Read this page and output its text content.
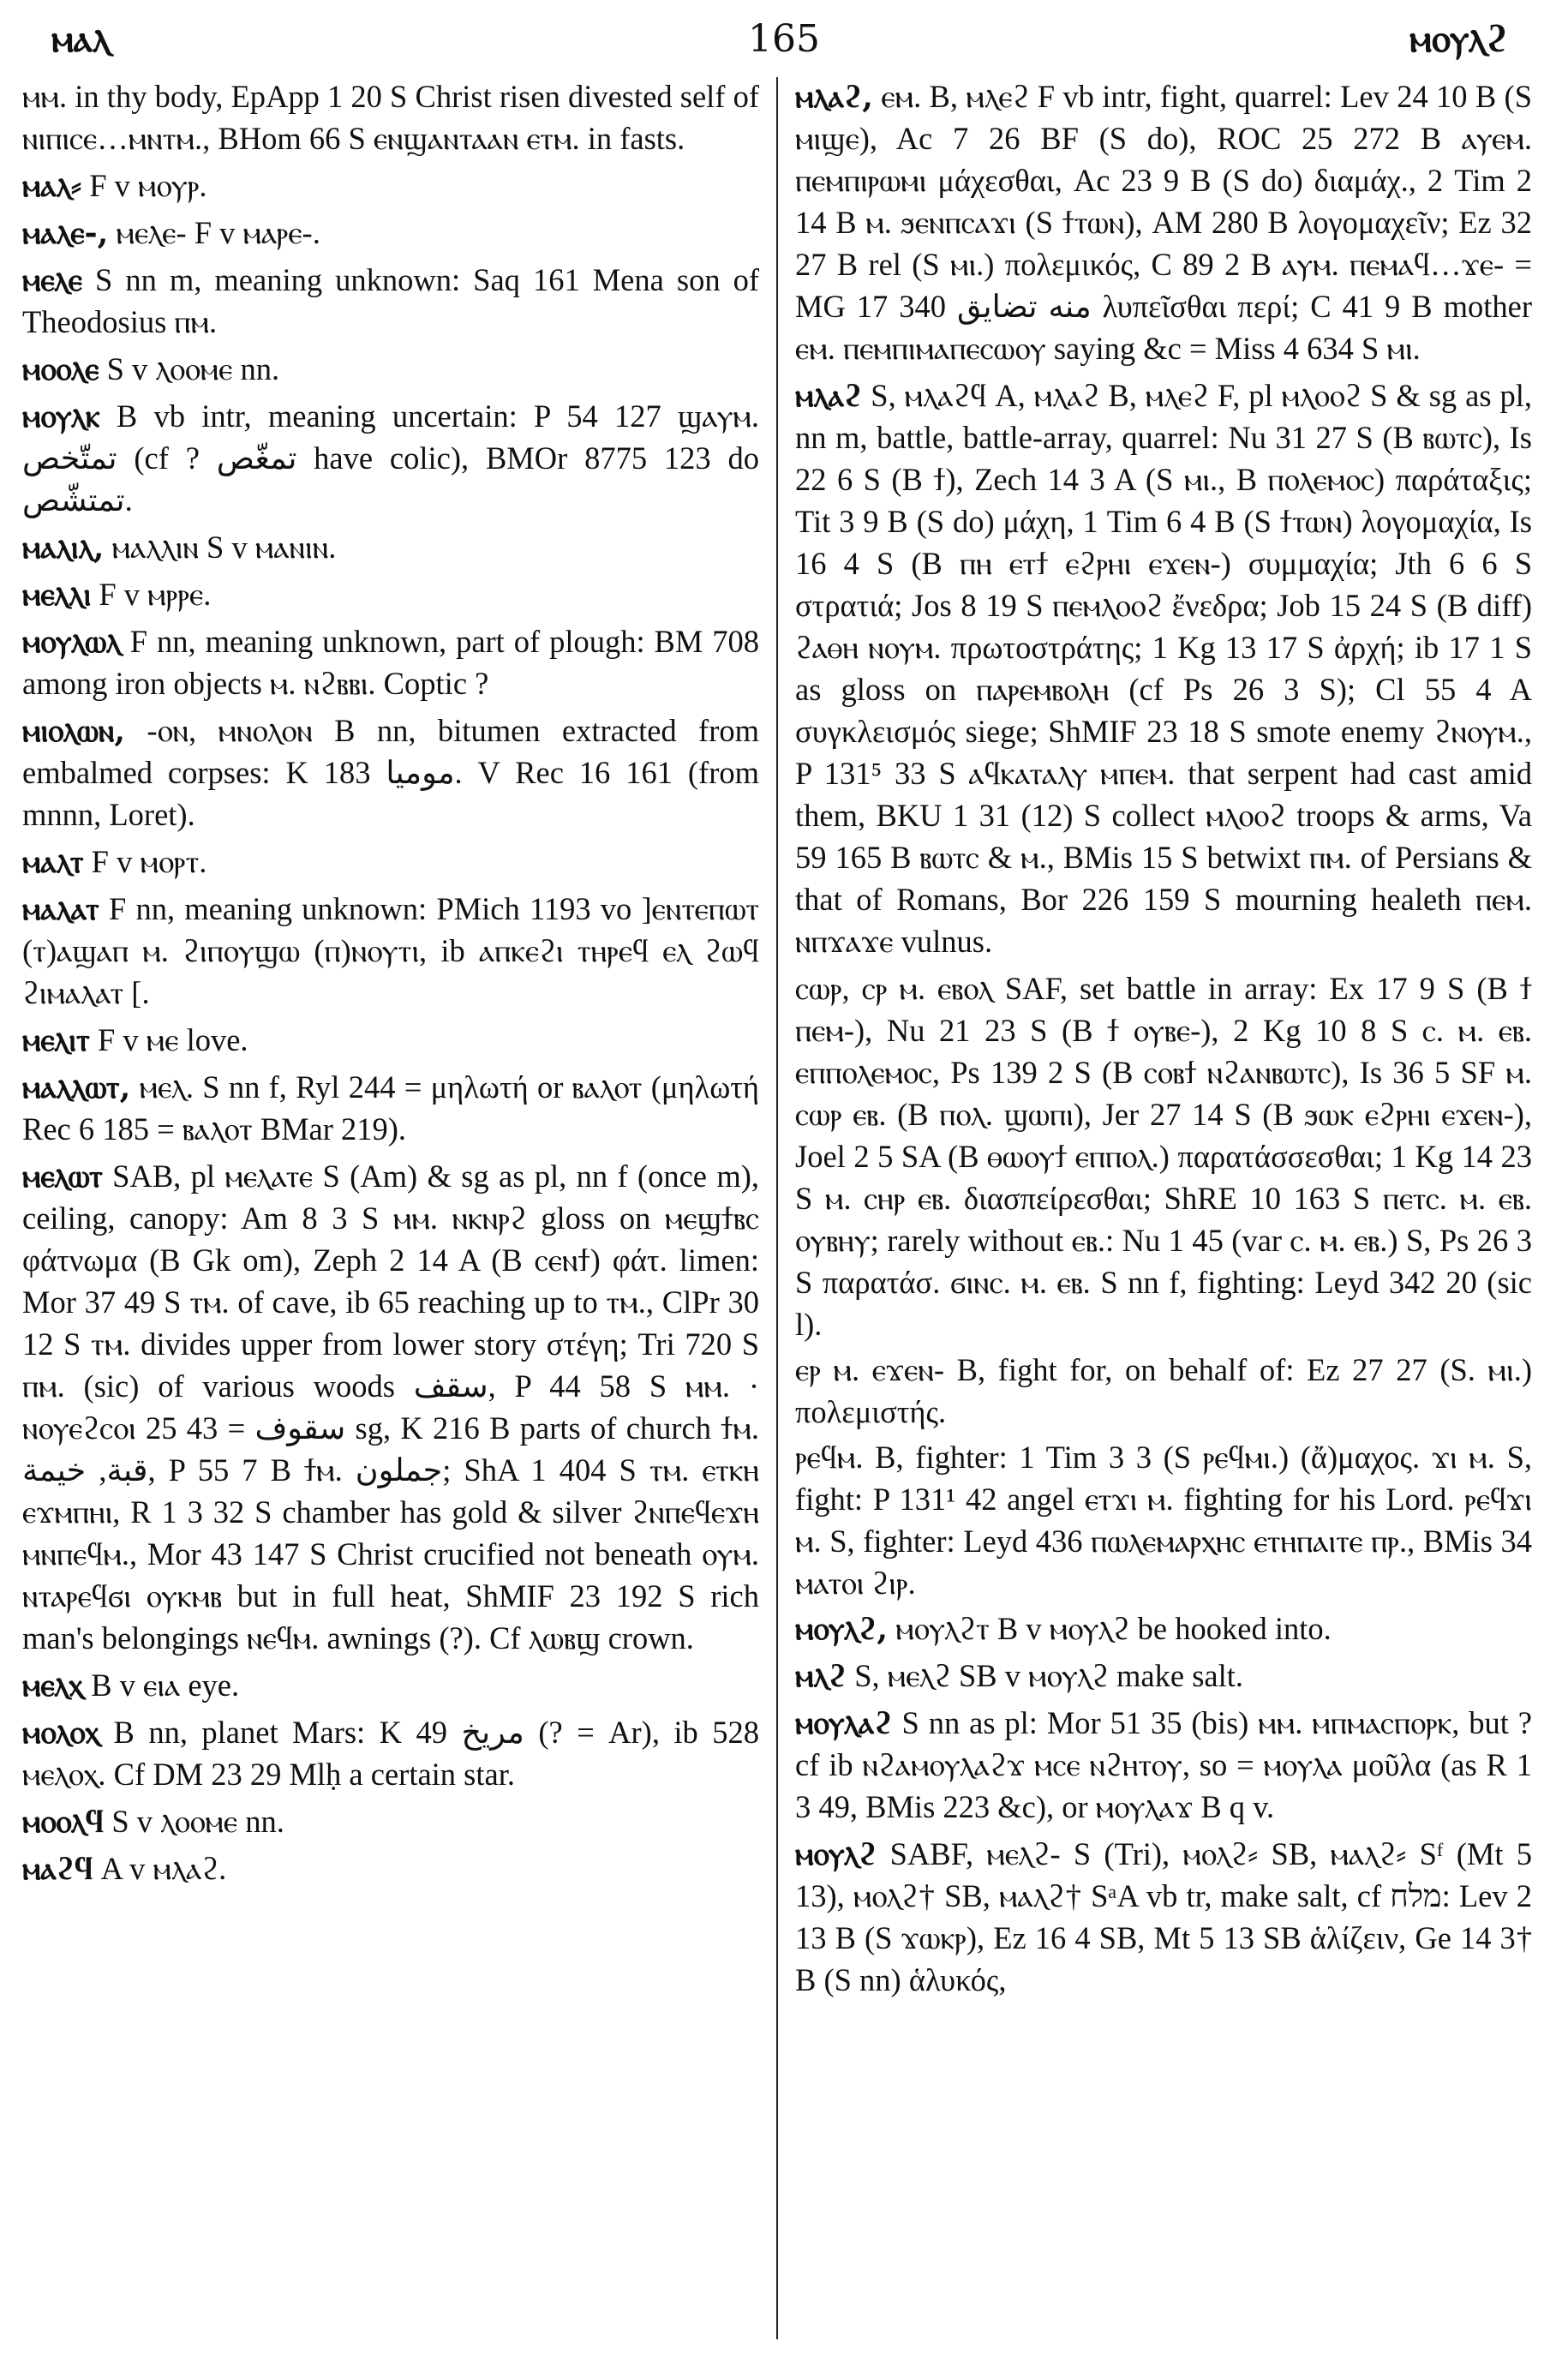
ⲙⲁⲗ	165	ⲙⲟⲩⲗϩ

ⲙⲙ. in thy body, EpApp 1 20 S Christ risen divested self of ⲛⲓⲡⲓⲥⲉ…ⲙⲛⲧⲙ., BHom 66 S ⲉⲛϣⲁⲛⲧⲁⲁⲛ ⲉⲧⲙ. in fasts.

ⲙⲁⲗ⸗ F v ⲙⲟⲩⲣ.

ⲙⲁⲗⲉ-, ⲙⲉⲗⲉ- F v ⲙⲁⲣⲉ-.

ⲙⲉⲗⲉ S nn m, meaning unknown: Saq 161 Mena son of Theodosius ⲡⲙ.

ⲙⲟⲟⲗⲉ S v ⲗⲟⲟⲙⲉ nn.

ⲙⲟⲩⲗⲕ B vb intr, meaning uncertain: P 54 127 ϣⲁⲩⲙ. تمتّخص (cf ? تمغّص have colic), BMOr 8775 123 do تمتشّص.

ⲙⲁⲗⲓⲗ, ⲙⲁⲗⲗⲓⲛ S v ⲙⲁⲛⲓⲛ.

ⲙⲉⲗⲗⲓ F v ⲙⲣⲣⲉ.

ⲙⲟⲩⲗⲱⲗ F nn, meaning unknown, part of plough: BM 708 among iron objects ⲙ. ⲛϩⲃⲃⲓ. Coptic ?

ⲙⲓⲟⲗⲱⲛ, -ⲟⲛ, ⲙⲛⲟⲗⲟⲛ B nn, bitumen extracted from embalmed corpses: K 183 موميا. V Rec 16 161 (from mnnn, Loret).

ⲙⲁⲗⲧ F v ⲙⲟⲣⲧ.

ⲙⲁⲗⲁⲧ F nn, meaning unknown: PMich 1193 vo ]ⲉⲛⲧⲉⲡⲱⲧ (ⲧ)ⲁϣⲁⲡ ⲙ. ϩⲓⲡⲟⲩϣⲱ (ⲡ)ⲛⲟⲩⲧⲓ, ib ⲁⲡⲕⲉϩⲓ ⲧⲏⲣⲉϥ ⲉⲗ ϩⲱϥ ϩⲓⲙⲁⲗⲁⲧ [.

ⲙⲉⲗⲓⲧ F v ⲙⲉ love.

ⲙⲁⲗⲗⲱⲧ, ⲙⲉⲗ. S nn f, Ryl 244 = μηλωτή or ⲃⲁⲗⲟⲧ (μηλωτή Rec 6 185 = ⲃⲁⲗⲟⲧ BMar 219).

ⲙⲉⲗⲱⲧ SAB, pl ⲙⲉⲗⲁⲧⲉ S (Am) & sg as pl, nn f (once m), ceiling, canopy: Am 8 3 S ⲙⲙ. ⲛⲕⲛⲣϩ gloss on ⲙⲉϣϯⲃⲥ φάτνωμα (B Gk om), Zeph 2 14 A (B ⲥⲉⲛϯ) φάτ. limen: Mor 37 49 S ⲧⲙ. of cave, ib 65 reaching up to ⲧⲙ., ClPr 30 12 S ⲧⲙ. divides upper from lower story στέγη; Tri 720 S ⲡⲙ. (sic) of various woods سقف, P 44 58 S ⲙⲙ. · ⲛⲟⲩⲉϩⲥⲟⲓ سقوف = 43 25 sg, K 216 B parts of church ϯⲙ. قبة, خيمة, P 55 7 B ϯⲙ. جملون; ShA 1 404 S ⲧⲙ. ⲉⲧⲕⲏ ⲉϫⲙⲡⲏⲓ, R 1 3 32 S chamber has gold & silver ϩⲛⲡⲉϥⲉϫⲏ ⲙⲛⲡⲉϥⲙ., Mor 43 147 S Christ crucified not beneath ⲟⲩⲙ. ⲛⲧⲁⲣⲉϥϭⲓ ⲟⲩⲕⲙⲃ but in full heat, ShMIF 23 192 S rich man's belongings ⲛⲉϥⲙ. awnings (?). Cf ⲗⲱⲃϣ crown.

ⲙⲉⲗⲭ B v ⲉⲓⲁ eye.

ⲙⲟⲗⲟⲭ B nn, planet Mars: K 49 مريخ (? = Ar), ib 528 ⲙⲉⲗⲟⲭ. Cf DM 23 29 Mlḥ a certain star.

ⲙⲟⲟⲗϥ S v ⲗⲟⲟⲙⲉ nn.

ⲙⲁϩϥ A v ⲙⲗⲁϩ.

ⲙⲗⲁϩ, ⲉⲙ. B, ⲙⲗⲉϩ F vb intr, fight, quarrel: Lev 24 10 B (S ⲙⲓϣⲉ), Ac 7 26 BF (S do), ROC 25 272 B ⲁⲩⲉⲙ. ⲡⲉⲙⲡⲓⲣⲱⲙⲓ μάχεσθαι, Ac 23 9 B (S do) διαμάχ., 2 Tim 2 14 B ⲙ. ϧⲉⲛⲡⲥⲁϫⲓ (S ϯⲧⲱⲛ), AM 280 B λογομαχεῖν; Ez 32 27 B rel (S ⲙⲓ.) πολεμικός, C 89 2 B ⲁⲩⲙ. ⲡⲉⲙⲁϥ…ϫⲉ- = MG 17 340 منه تضايق λυπεῖσθαι περί; C 41 9 B mother ⲉⲙ. ⲡⲉⲙⲡⲓⲙⲁⲡⲉⲥⲱⲟⲩ saying &c = Miss 4 634 S ⲙⲓ.

ⲙⲗⲁϩ S, ⲙⲗⲁϩϥ A, ⲙⲗⲁϩ B, ⲙⲗⲉϩ F, pl ⲙⲗⲟⲟϩ S & sg as pl, nn m, battle, battle-array, quarrel: Nu 31 27 S (B ⲃⲱⲧⲥ), Is 22 6 S (B ϯ), Zech 14 3 A (S ⲙⲓ., B ⲡⲟⲗⲉⲙⲟⲥ) παράταξις; Tit 3 9 B (S do) μάχη, 1 Tim 6 4 B (S ϯⲧⲱⲛ) λογομαχία, Is 16 4 S (B ⲡⲏ ⲉⲧϯ ⲉϩⲣⲏⲓ ⲉϫⲉⲛ-) συμμαχία; Jth 6 6 S στρατιά; Jos 8 19 S ⲡⲉⲙⲗⲟⲟϩ ἔνεδρα; Job 15 24 S (B diff) ϩⲁⲑⲏ ⲛⲟⲩⲙ. πρωτοστράτης; 1 Kg 13 17 S ἀρχή; ib 17 1 S as gloss on ⲡⲁⲣⲉⲙⲃⲟⲗⲏ (cf Ps 26 3 S); Cl 55 4 A συγκλεισμός siege; ShMIF 23 18 S smote enemy ϩⲛⲟⲩⲙ., P 131⁵ 33 S ⲁϥⲕⲁⲧⲁⲗⲩ ⲙⲡⲉⲙ. that serpent had cast amid them, BKU 1 31 (12) S collect ⲙⲗⲟⲟϩ troops & arms, Va 59 165 B ⲃⲱⲧⲥ & ⲙ., BMis 15 S betwixt ⲡⲙ. of Persians & that of Romans, Bor 226 159 S mourning healeth ⲡⲉⲙ. ⲛⲡϫⲁϫⲉ vulnus.

ⲥⲱⲣ, ⲥⲣ ⲙ. ⲉⲃⲟⲗ SAF, set battle in array: Ex 17 9 S (B ϯ ⲡⲉⲙ-), Nu 21 23 S (B ϯ ⲟⲩⲃⲉ-), 2 Kg 10 8 S ⲥ. ⲙ. ⲉⲃ. ⲉⲡⲡⲟⲗⲉⲙⲟⲥ, Ps 139 2 S (B ⲥⲟⲃϯ ⲛϩⲁⲛⲃⲱⲧⲥ), Is 36 5 SF ⲙ. ⲥⲱⲣ ⲉⲃ. (B ⲡⲟⲗ. ϣⲱⲡⲓ), Jer 27 14 S (B ϧⲱⲕ ⲉϩⲣⲏⲓ ⲉϫⲉⲛ-), Joel 2 5 SA (B ⲑⲱⲟⲩϯ ⲉⲡⲡⲟⲗ.) παρατάσσεσθαι; 1 Kg 14 23 S ⲙ. ⲥⲏⲣ ⲉⲃ. διασπείρεσθαι; ShRE 10 163 S ⲡⲉⲧⲥ. ⲙ. ⲉⲃ. ⲟⲩⲃⲏⲩ; rarely without ⲉⲃ.: Nu 1 45 (var ⲥ. ⲙ. ⲉⲃ.) S, Ps 26 3 S παρατάσ. ϭⲓⲛⲥ. ⲙ. ⲉⲃ. S nn f, fighting: Leyd 342 20 (sic l).

ⲉⲣ ⲙ. ⲉϫⲉⲛ- B, fight for, on behalf of: Ez 27 27 (S. ⲙⲓ.) πολεμιστής.

ⲣⲉϥⲙ. B, fighter: 1 Tim 3 3 (S ⲣⲉϥⲙⲓ.) (ἄ)μαχος. ϫⲓ ⲙ. S, fight: P 131¹ 42 angel ⲉⲧϫⲓ ⲙ. fighting for his Lord. ⲣⲉϥϫⲓ ⲙ. S, fighter: Leyd 436 ⲡⲱⲗⲉⲙⲁⲣⲭⲏⲥ ⲉⲧⲏⲡⲁⲓⲧⲉ ⲡⲣ., BMis 34 ⲙⲁⲧⲟⲓ ϩⲓⲣ.

ⲙⲟⲩⲗϩ, ⲙⲟⲩⲗϩⲧ B v ⲙⲟⲩⲗϩ be hooked into.

ⲙⲗϩ S, ⲙⲉⲗϩ SB v ⲙⲟⲩⲗϩ make salt.

ⲙⲟⲩⲗⲁϩ S nn as pl: Mor 51 35 (bis) ⲙⲙ. ⲙⲡⲙⲁⲥⲡⲟⲣⲕ, but ? cf ib ⲛϩⲁⲙⲟⲩⲗⲁϩϫ ⲙⲥⲉ ⲛϩⲏⲧⲟⲩ, so = ⲙⲟⲩⲗⲁ μοῦλα (as R 1 3 49, BMis 223 &c), or ⲙⲟⲩⲗⲁϫ B q v.

ⲙⲟⲩⲗϩ SABF, ⲙⲉⲗϩ- S (Tri), ⲙⲟⲗϩ⸗ SB, ⲙⲁⲗϩ⸗ Sᶠ (Mt 5 13), ⲙⲟⲗϩ† SB, ⲙⲁⲗϩ† SᵃA vb tr, make salt, cf מלח: Lev 2 13 B (S ϫⲱⲕⲣ), Ez 16 4 SB, Mt 5 13 SB ἁλίζειν, Ge 14 3† B (S nn) ἁλυκός,
